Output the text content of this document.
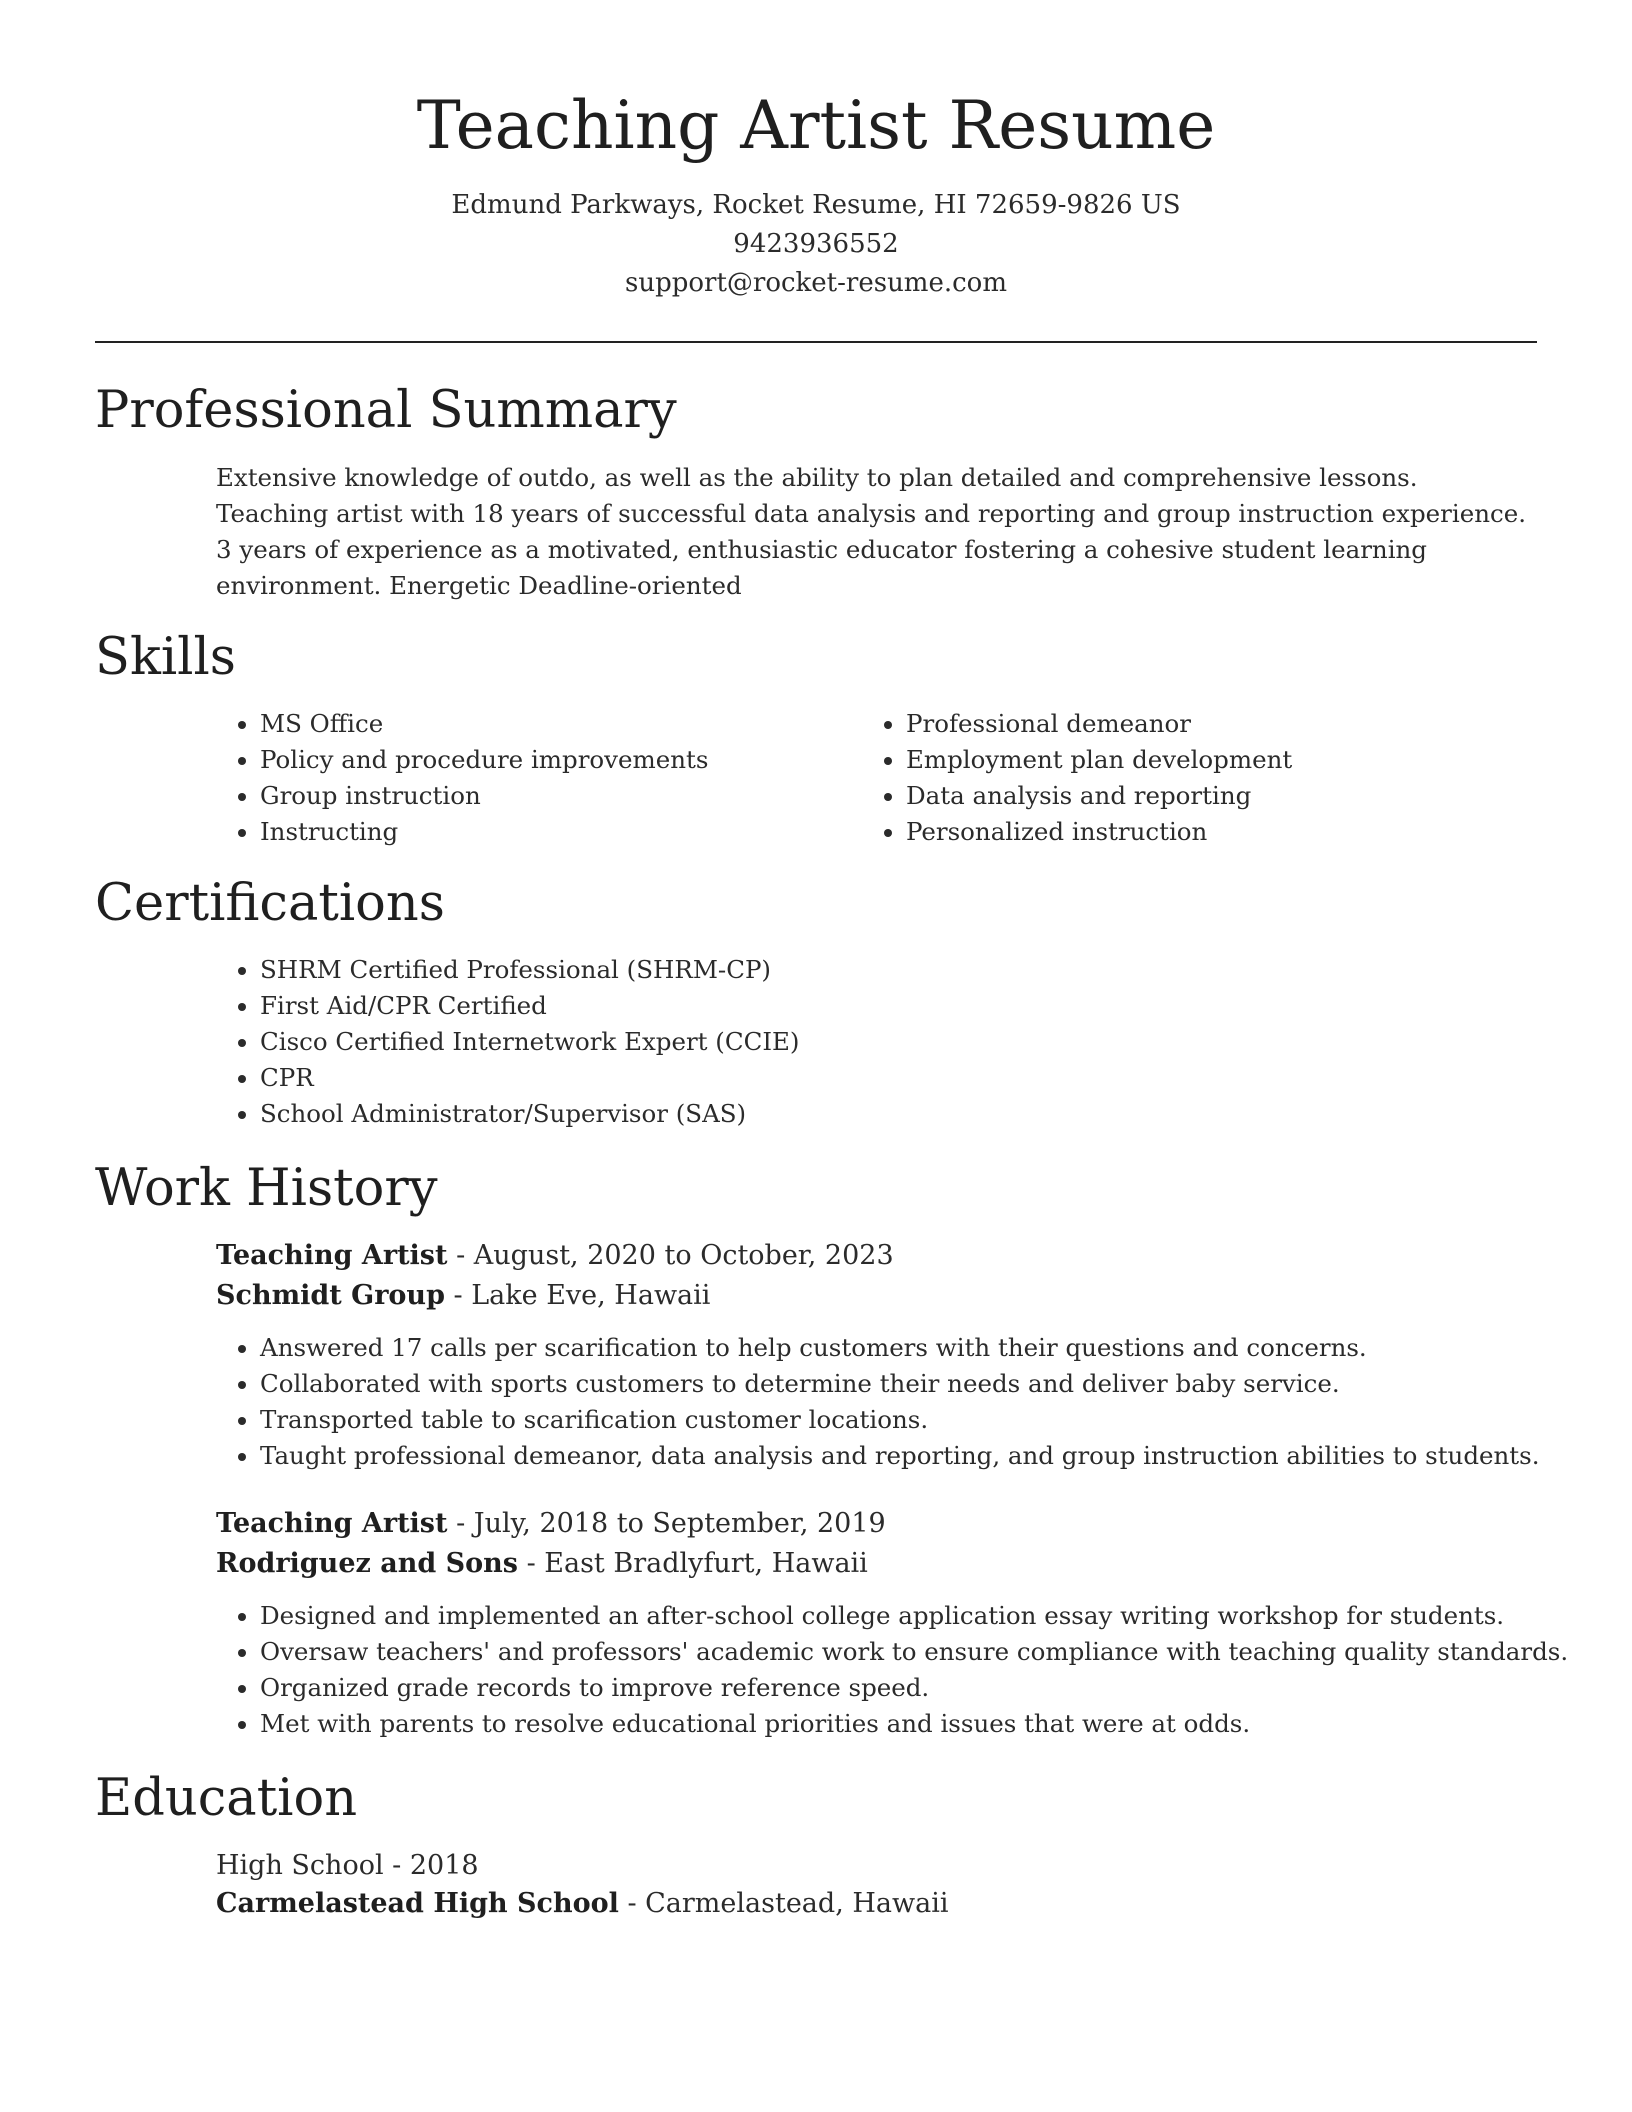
Teaching Artist Resume
Edmund Parkways, Rocket Resume, HI 72659-9826 US
9423936552
support@rocket-resume.com
Professional Summary
Extensive knowledge of outdo, as well as the ability to plan detailed and comprehensive lessons. Teaching artist with 18 years of successful data analysis and reporting and group instruction experience. 3 years of experience as a motivated, enthusiastic educator fostering a cohesive student learning environment. Energetic Deadline-oriented
Skills
• MS Office
• Policy and procedure improvements
• Group instruction
• Instructing
• Professional demeanor
• Employment plan development
• Data analysis and reporting
• Personalized instruction
Certifications
• SHRM Certified Professional (SHRM-CP)
• First Aid/CPR Certified
• Cisco Certified Internetwork Expert (CCIE)
• CPR
• School Administrator/Supervisor (SAS)
Work History
Teaching Artist - August, 2020 to October, 2023
Schmidt Group - Lake Eve, Hawaii
• Answered 17 calls per scarification to help customers with their questions and concerns.
• Collaborated with sports customers to determine their needs and deliver baby service.
• Transported table to scarification customer locations.
• Taught professional demeanor, data analysis and reporting, and group instruction abilities to students.
Teaching Artist - July, 2018 to September, 2019
Rodriguez and Sons - East Bradlyfurt, Hawaii
• Designed and implemented an after-school college application essay writing workshop for students.
• Oversaw teachers' and professors' academic work to ensure compliance with teaching quality standards.
• Organized grade records to improve reference speed.
• Met with parents to resolve educational priorities and issues that were at odds.
Education
High School - 2018
Carmelastead High School - Carmelastead, Hawaii
